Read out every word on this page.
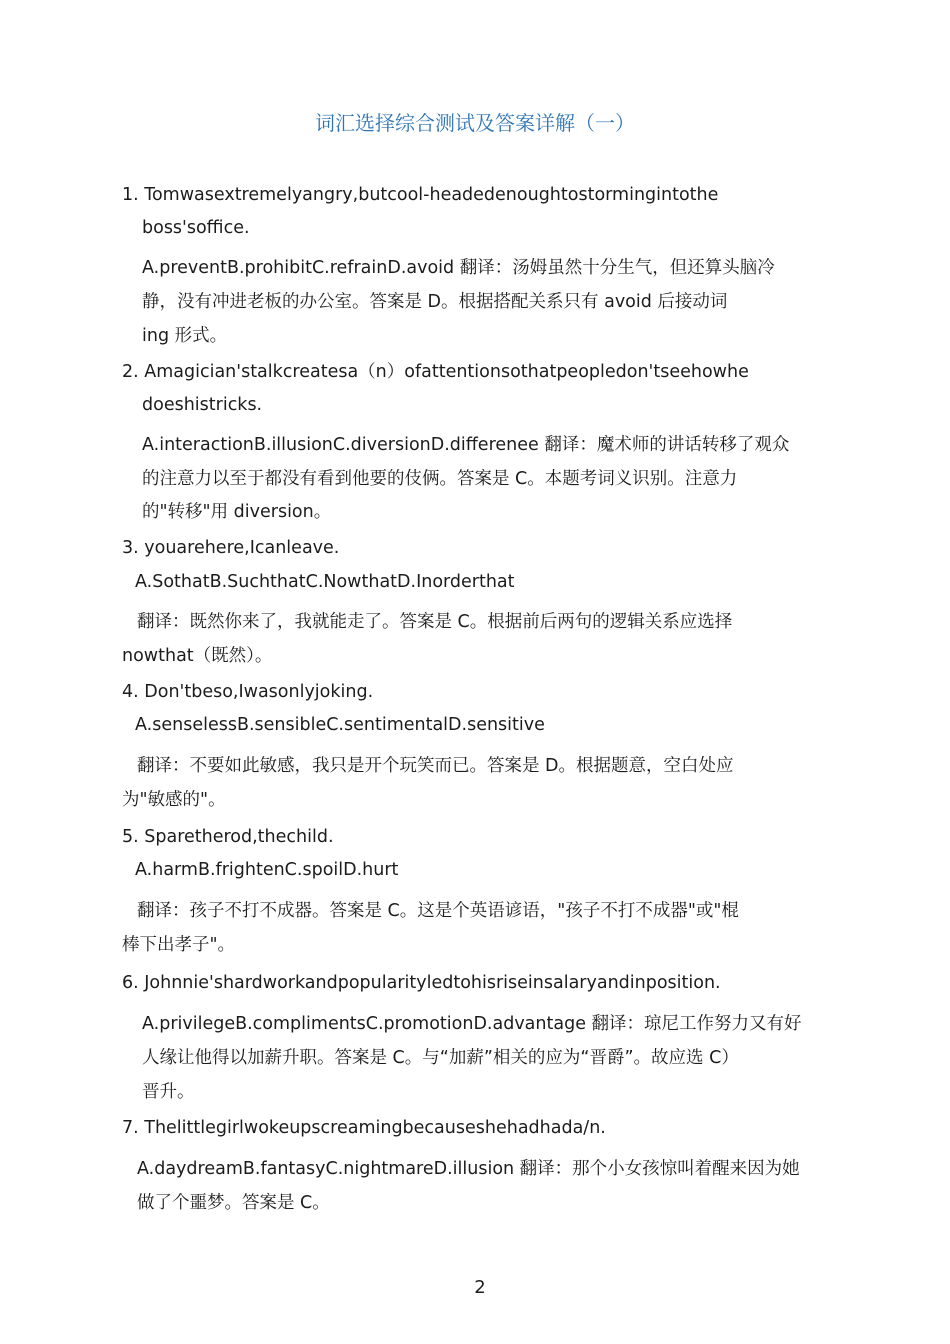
词汇选择综合测试及答案详解（一）
1. Tomwasextremelyangry,butcool-headedenoughtostormingintothe
boss'soffice.
A.preventB.prohibitC.refrainD.avoid 翻译：汤姆虽然十分生气，但还算头脑冷
静，没有冲进老板的办公室。答案是 D。根据搭配关系只有 avoid 后接动词
ing 形式。
2. Amagician'stalkcreatesa（n）ofattentionsothatpeopledon'tseehowhe
doeshistricks.
A.interactionB.illusionC.diversionD.differenee 翻译：魔术师的讲话转移了观众
的注意力以至于都没有看到他要的伎俩。答案是 C。本题考词义识别。注意力
的"转移"用 diversion。
3. youarehere,Icanleave.
A.SothatB.SuchthatC.NowthatD.Inorderthat
翻译：既然你来了，我就能走了。答案是 C。根据前后两句的逻辑关系应选择
nowthat（既然）。
4. Don'tbeso,Iwasonlyjoking.
A.senselessB.sensibleC.sentimentalD.sensitive
翻译：不要如此敏感，我只是开个玩笑而已。答案是 D。根据题意，空白处应
为"敏感的"。
5. Sparetherod,thechild.
A.harmB.frightenC.spoilD.hurt
翻译：孩子不打不成器。答案是 C。这是个英语谚语，"孩子不打不成器"或"棍
棒下出孝子"。
6. Johnnie'shardworkandpopularityledtohisriseinsalaryandinposition.
A.privilegeB.complimentsC.promotionD.advantage 翻译：琼尼工作努力又有好
人缘让他得以加薪升职。答案是 C。与“加薪”相关的应为“晋爵”。故应选 C）
晋升。
7. Thelittlegirlwokeupscreamingbecauseshehadhada/n.
A.daydreamB.fantasyC.nightmareD.illusion 翻译：那个小女孩惊叫着醒来因为她
做了个噩梦。答案是 C。
2
